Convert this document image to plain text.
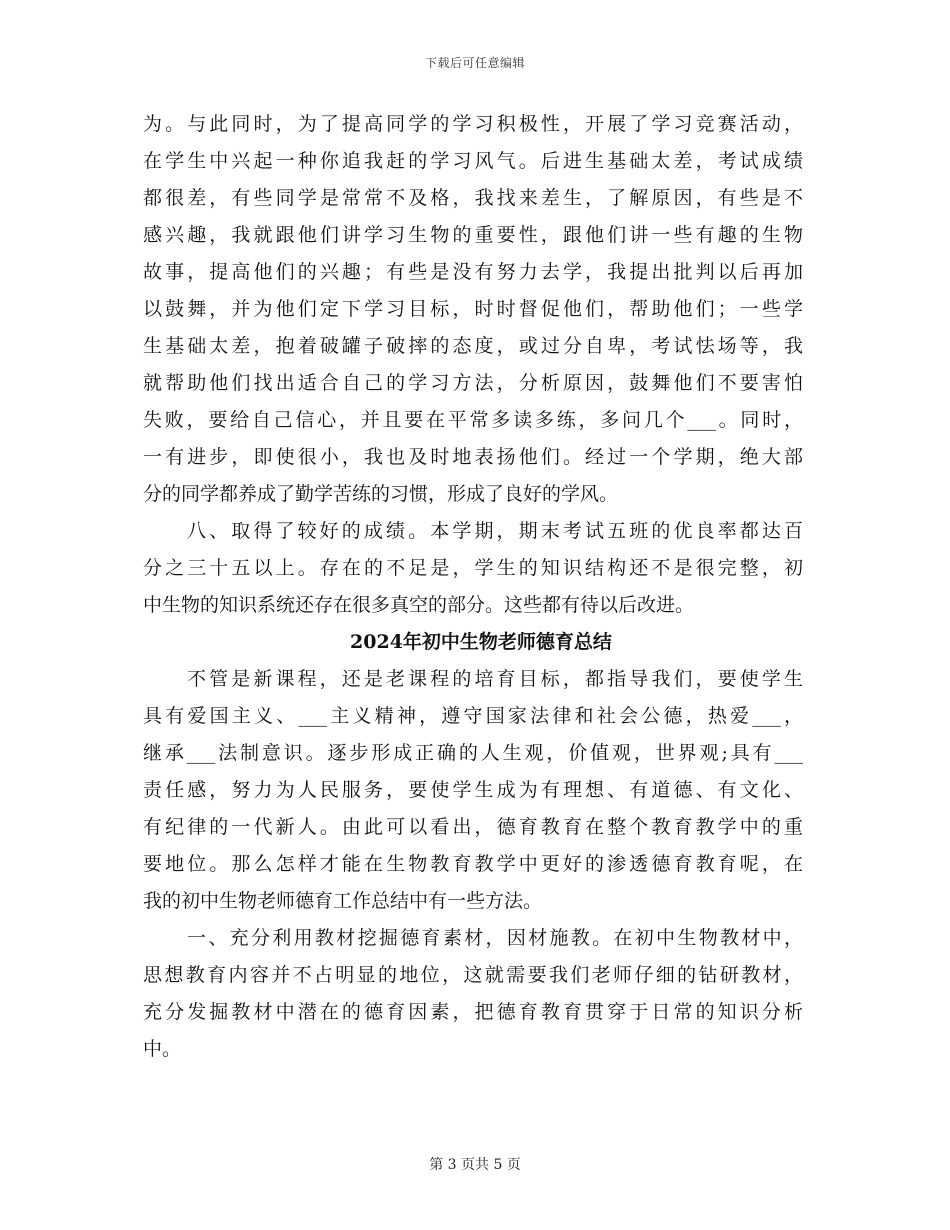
下载后可任意编辑
为。与此同时，为了提高同学的学习积极性，开展了学习竞赛活动，
在学生中兴起一种你追我赶的学习风气。后进生基础太差，考试成绩
都很差，有些同学是常常不及格，我找来差生，了解原因，有些是不
感兴趣，我就跟他们讲学习生物的重要性，跟他们讲一些有趣的生物
故事，提高他们的兴趣；有些是没有努力去学，我提出批判以后再加
以鼓舞，并为他们定下学习目标，时时督促他们，帮助他们；一些学
生基础太差，抱着破罐子破摔的态度，或过分自卑，考试怯场等，我
就帮助他们找出适合自己的学习方法，分析原因，鼓舞他们不要害怕
失败，要给自己信心，并且要在平常多读多练，多问几个___。同时，
一有进步，即使很小，我也及时地表扬他们。经过一个学期，绝大部
分的同学都养成了勤学苦练的习惯，形成了良好的学风。
八、取得了较好的成绩。本学期，期末考试五班的优良率都达百
分之三十五以上。存在的不足是，学生的知识结构还不是很完整，初
中生物的知识系统还存在很多真空的部分。这些都有待以后改进。
2024年初中生物老师德育总结
不管是新课程，还是老课程的培育目标，都指导我们，要使学生
具有爱国主义、___主义精神，遵守国家法律和社会公德，热爱___，
继承___法制意识。逐步形成正确的人生观，价值观，世界观;具有___
责任感，努力为人民服务，要使学生成为有理想、有道德、有文化、
有纪律的一代新人。由此可以看出，德育教育在整个教育教学中的重
要地位。那么怎样才能在生物教育教学中更好的渗透德育教育呢，在
我的初中生物老师德育工作总结中有一些方法。
一、充分利用教材挖掘德育素材，因材施教。在初中生物教材中，
思想教育内容并不占明显的地位，这就需要我们老师仔细的钻研教材，
充分发掘教材中潜在的德育因素，把德育教育贯穿于日常的知识分析
中。
第 3 页共 5 页
